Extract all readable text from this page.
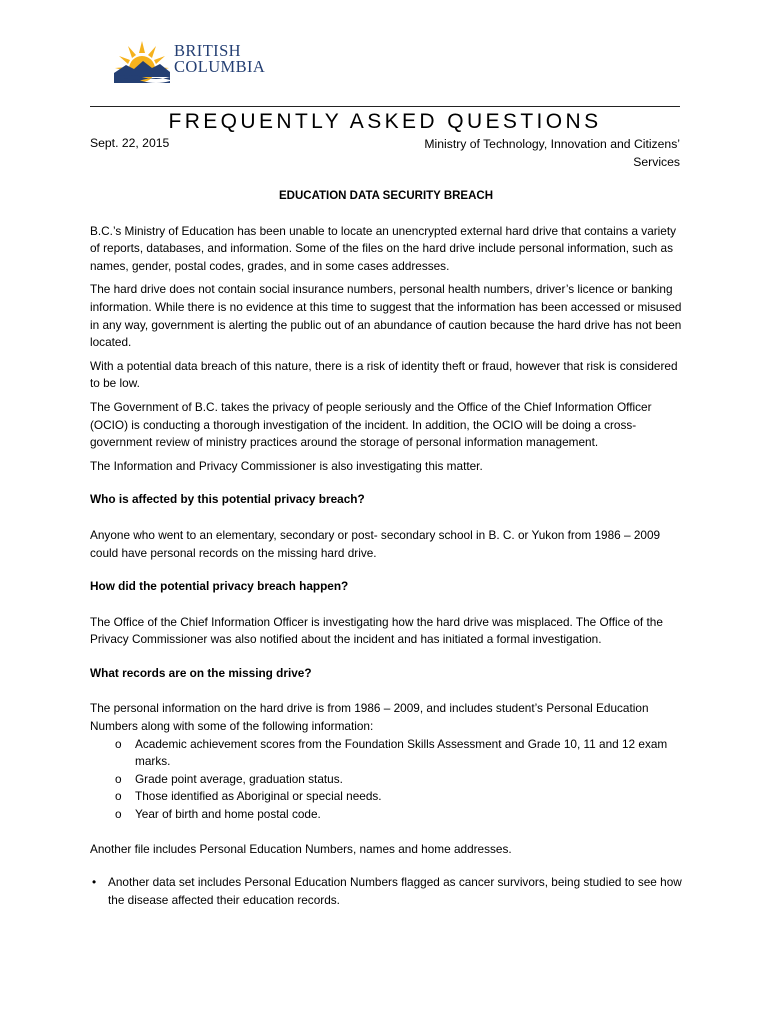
BRITISH
COLUMBIA
FREQUENTLY ASKED QUESTIONS
Sept. 22, 2015	Ministry of Technology, Innovation and Citizens’ Services

EDUCATION DATA SECURITY BREACH

B.C.’s Ministry of Education has been unable to locate an unencrypted external hard drive that contains a variety of reports, databases, and information. Some of the files on the hard drive include personal information, such as names, gender, postal codes, grades, and in some cases addresses.

The hard drive does not contain social insurance numbers, personal health numbers, driver’s licence or banking information. While there is no evidence at this time to suggest that the information has been accessed or misused in any way, government is alerting the public out of an abundance of caution because the hard drive has not been located.

With a potential data breach of this nature, there is a risk of identity theft or fraud, however that risk is considered to be low.

The Government of B.C. takes the privacy of people seriously and the Office of the Chief Information Officer (OCIO) is conducting a thorough investigation of the incident. In addition, the OCIO will be doing a cross-government review of ministry practices around the storage of personal information management.

The Information and Privacy Commissioner is also investigating this matter.

Who is affected by this potential privacy breach?

Anyone who went to an elementary, secondary or post- secondary school in B. C. or Yukon from 1986 – 2009 could have personal records on the missing hard drive.

How did the potential privacy breach happen?

The Office of the Chief Information Officer is investigating how the hard drive was misplaced. The Office of the Privacy Commissioner was also notified about the incident and has initiated a formal investigation.

What records are on the missing drive?

The personal information on the hard drive is from 1986 – 2009, and includes student’s Personal Education Numbers along with some of the following information:

o Academic achievement scores from the Foundation Skills Assessment and Grade 10, 11 and 12 exam marks.
o Grade point average, graduation status.
o Those identified as Aboriginal or special needs.
o Year of birth and home postal code.

Another file includes Personal Education Numbers, names and home addresses.

• Another data set includes Personal Education Numbers flagged as cancer survivors, being studied to see how the disease affected their education records.
